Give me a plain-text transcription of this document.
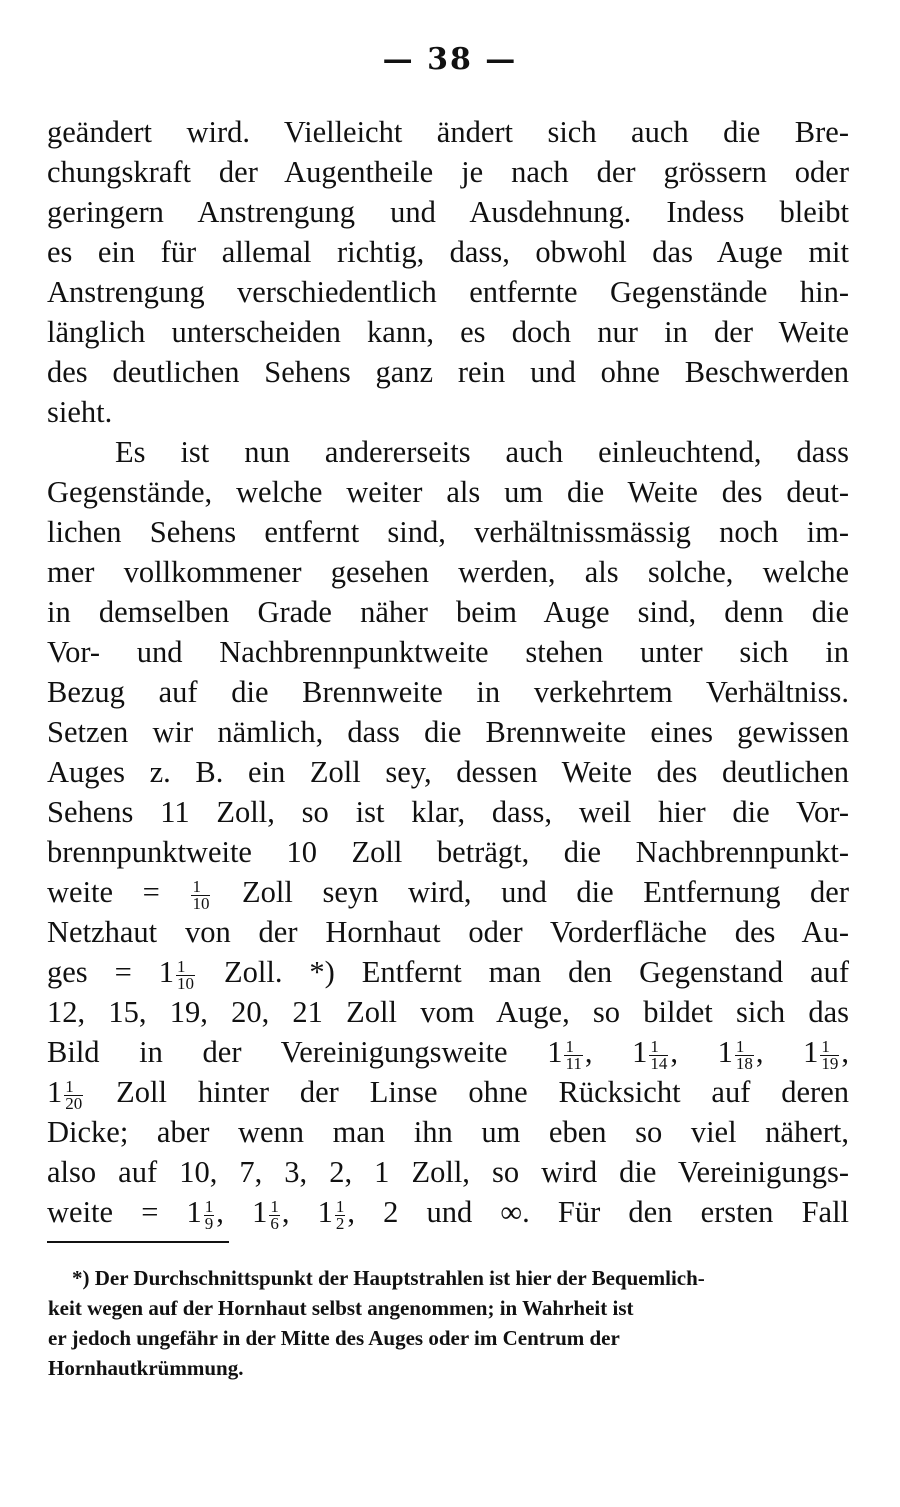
— 38 —
geändert wird. Vielleicht ändert sich auch die Bre-
chungskraft der Augentheile je nach der grössern oder
geringern Anstrengung und Ausdehnung. Indess bleibt
es ein für allemal richtig, dass, obwohl das Auge mit
Anstrengung verschiedentlich entfernte Gegenstände hin-
länglich unterscheiden kann, es doch nur in der Weite
des deutlichen Sehens ganz rein und ohne Beschwerden
sieht.
Es ist nun andererseits auch einleuchtend, dass
Gegenstände, welche weiter als um die Weite des deut-
lichen Sehens entfernt sind, verhältnissmässig noch im-
mer vollkommener gesehen werden, als solche, welche
in demselben Grade näher beim Auge sind, denn die
Vor- und Nachbrennpunktweite stehen unter sich in
Bezug auf die Brennweite in verkehrtem Verhältniss.
Setzen wir nämlich, dass die Brennweite eines gewissen
Auges z. B. ein Zoll sey, dessen Weite des deutlichen
Sehens 11 Zoll, so ist klar, dass, weil hier die Vor-
brennpunktweite 10 Zoll beträgt, die Nachbrennpunkt-
weite = $\frac{1}{10}$ Zoll seyn wird, und die Entfernung der
Netzhaut von der Hornhaut oder Vorderfläche des Au-
ges = $1 \frac{1}{10}$ Zoll. *) Entfernt man den Gegenstand auf
12, 15, 19, 20, 21 Zoll vom Auge, so bildet sich das
Bild in der Vereinigungsweite $1 \frac{1}{11}$ , $1 \frac{1}{14}$ , $1 \frac{1}{18}$ , $1 \frac{1}{19}$ ,
$1 \frac{1}{20}$ Zoll hinter der Linse ohne Rücksicht auf deren
Dicke; aber wenn man ihn um eben so viel nähert,
also auf 10, 7, 3, 2, 1 Zoll, so wird die Vereinigungs-
weite = $1 \frac{1}{9}$ , $1 \frac{1}{6}$ , $1 \frac{1}{2}$ , 2 und ∞. Für den ersten Fall
*) Der Durchschnittspunkt der Hauptstrahlen ist hier der Bequemlich-
keit wegen auf der Hornhaut selbst angenommen; in Wahrheit ist
er jedoch ungefähr in der Mitte des Auges oder im Centrum der
Hornhautkrümmung.
